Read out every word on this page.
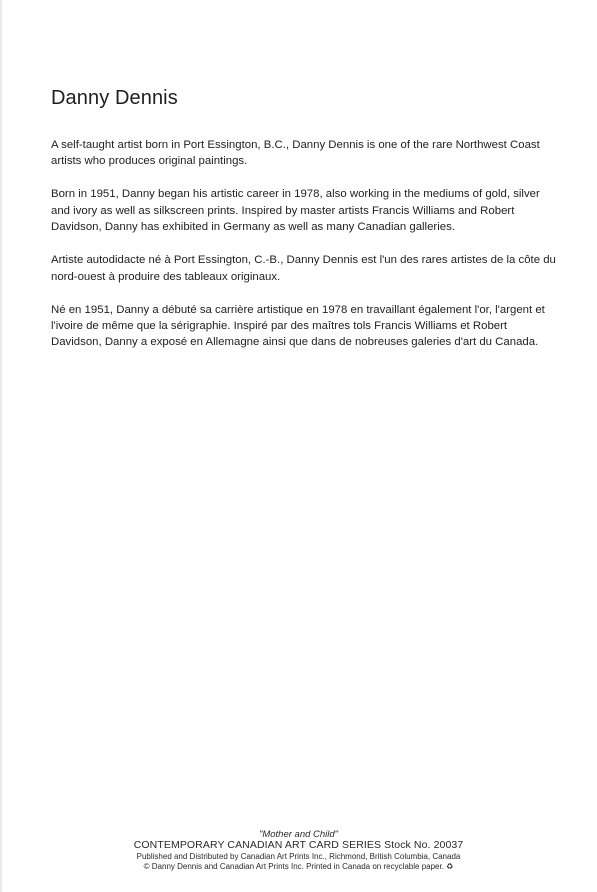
Danny Dennis

A self-taught artist born in Port Essington, B.C., Danny Dennis is one of the rare Northwest Coast artists who produces original paintings.

Born in 1951, Danny began his artistic career in 1978, also working in the mediums of gold, silver and ivory as well as silkscreen prints. Inspired by master artists Francis Williams and Robert Davidson, Danny has exhibited in Germany as well as many Canadian galleries.

Artiste autodidacte né à Port Essington, C.-B., Danny Dennis est l'un des rares artistes de la côte du nord-ouest à produire des tableaux originaux.

Né en 1951, Danny a débuté sa carrière artistique en 1978 en travaillant également l'or, l'argent et l'ivoire de même que la sérigraphie. Inspiré par des maîtres tols Francis Williams et Robert Davidson, Danny a exposé en Allemagne ainsi que dans de nobreuses galeries d'art du Canada.

"Mother and Child"
CONTEMPORARY CANADIAN ART CARD SERIES Stock No. 20037
Published and Distributed by Canadian Art Prints Inc., Richmond, British Columbia, Canada
© Danny Dennis and Canadian Art Prints Inc. Printed in Canada on recyclable paper. ♻
